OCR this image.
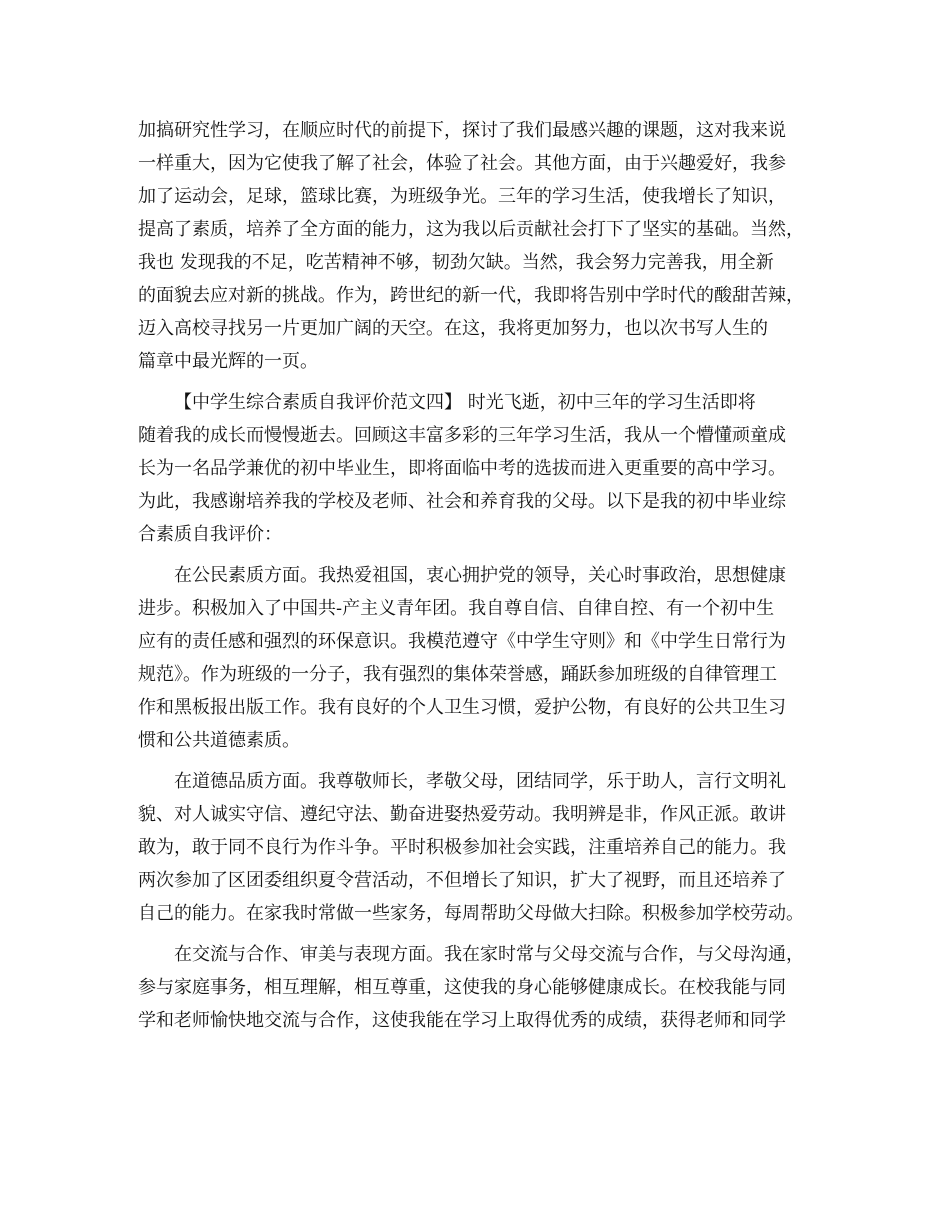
加搞研究性学习，在顺应时代的前提下，探讨了我们最感兴趣的课题，这对我来说
一样重大，因为它使我了解了社会，体验了社会。其他方面，由于兴趣爱好，我参
加了运动会，足球，篮球比赛，为班级争光。三年的学习生活，使我增长了知识，
提高了素质，培养了全方面的能力，这为我以后贡献社会打下了坚实的基础。当然，
我也 发现我的不足，吃苦精神不够，韧劲欠缺。当然，我会努力完善我，用全新
的面貌去应对新的挑战。作为，跨世纪的新一代，我即将告别中学时代的酸甜苦辣，
迈入高校寻找另一片更加广阔的天空。在这，我将更加努力，也以次书写人生的
篇章中最光辉的一页。
【中学生综合素质自我评价范文四】 时光飞逝，初中三年的学习生活即将
随着我的成长而慢慢逝去。回顾这丰富多彩的三年学习生活，我从一个懵懂顽童成
长为一名品学兼优的初中毕业生，即将面临中考的选拔而进入更重要的高中学习。
为此，我感谢培养我的学校及老师、社会和养育我的父母。以下是我的初中毕业综
合素质自我评价：
在公民素质方面。我热爱祖国，衷心拥护党的领导，关心时事政治，思想健康
进步。积极加入了中国共-产主义青年团。我自尊自信、自律自控、有一个初中生
应有的责任感和强烈的环保意识。我模范遵守《中学生守则》和《中学生日常行为
规范》。作为班级的一分子，我有强烈的集体荣誉感，踊跃参加班级的自律管理工
作和黑板报出版工作。我有良好的个人卫生习惯，爱护公物，有良好的公共卫生习
惯和公共道德素质。
在道德品质方面。我尊敬师长，孝敬父母，团结同学，乐于助人，言行文明礼
貌、对人诚实守信、遵纪守法、勤奋进娶热爱劳动。我明辨是非，作风正派。敢讲
敢为，敢于同不良行为作斗争。平时积极参加社会实践，注重培养自己的能力。我
两次参加了区团委组织夏令营活动，不但增长了知识，扩大了视野，而且还培养了
自己的能力。在家我时常做一些家务，每周帮助父母做大扫除。积极参加学校劳动。
在交流与合作、审美与表现方面。我在家时常与父母交流与合作，与父母沟通，
参与家庭事务，相互理解，相互尊重，这使我的身心能够健康成长。在校我能与同
学和老师愉快地交流与合作，这使我能在学习上取得优秀的成绩，获得老师和同学
